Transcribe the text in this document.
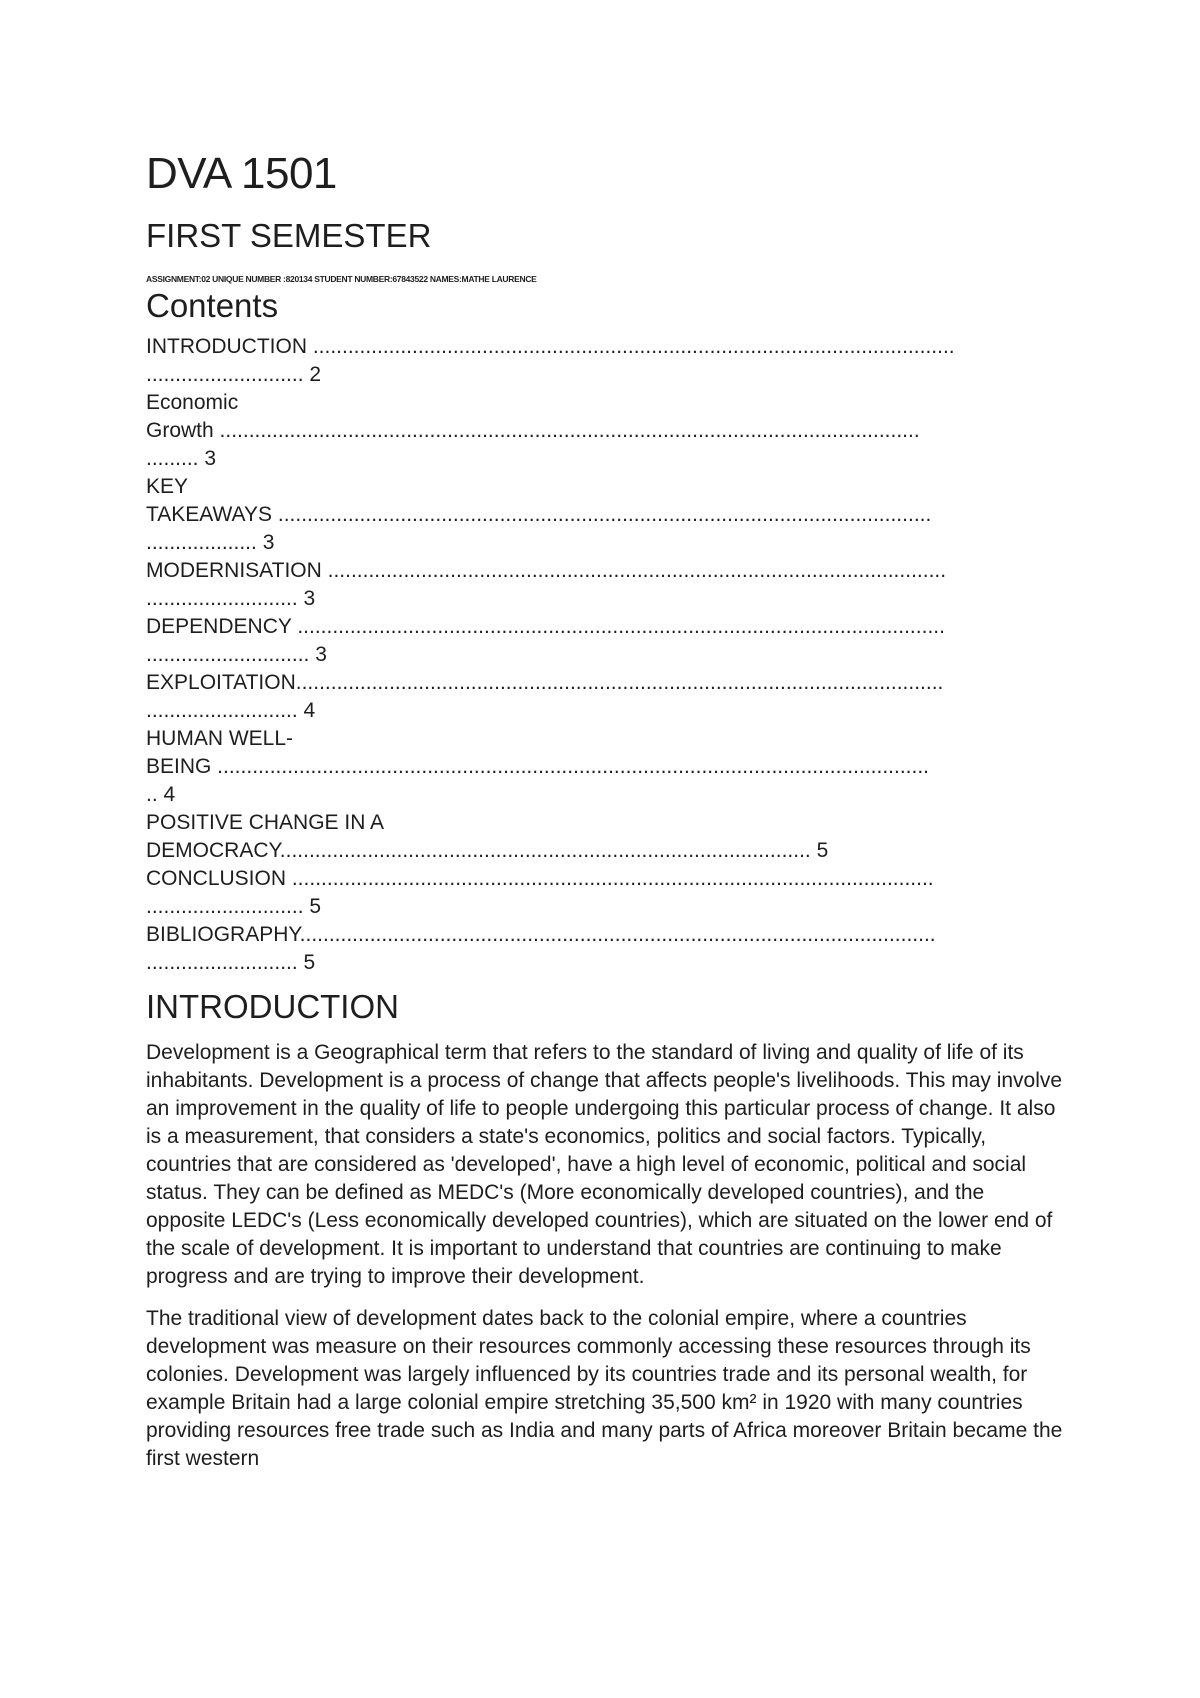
DVA 1501
FIRST SEMESTER

ASSIGNMENT:02 UNIQUE NUMBER :820134 STUDENT NUMBER:67843522 NAMES:MATHE LAURENCE

Contents
INTRODUCTION ..............................................................................................................
........................... 2
Economic
Growth ........................................................................................................................
......... 3
KEY
TAKEAWAYS ................................................................................................................
................... 3
MODERNISATION ..........................................................................................................
.......................... 3
DEPENDENCY ...............................................................................................................
............................ 3
EXPLOITATION...............................................................................................................
.......................... 4
HUMAN WELL-
BEING ..........................................................................................................................
.. 4
POSITIVE CHANGE IN A
DEMOCRACY........................................................................................... 5
CONCLUSION ..............................................................................................................
........................... 5
BIBLIOGRAPHY.............................................................................................................
.......................... 5
INTRODUCTION

Development is a Geographical term that refers to the standard of living and quality of life of its inhabitants. Development is a process of change that affects people's livelihoods. This may involve an improvement in the quality of life to people undergoing this particular process of change. It also is a measurement, that considers a state's economics, politics and social factors. Typically, countries that are considered as 'developed', have a high level of economic, political and social status. They can be defined as MEDC's (More economically developed countries), and the opposite LEDC's (Less economically developed countries), which are situated on the lower end of the scale of development. It is important to understand that countries are continuing to make progress and are trying to improve their development.

The traditional view of development dates back to the colonial empire, where a countries development was measure on their resources commonly accessing these resources through its colonies. Development was largely influenced by its countries trade and its personal wealth, for example Britain had a large colonial empire stretching 35,500 km² in 1920 with many countries providing resources free trade such as India and many parts of Africa moreover Britain became the first western
